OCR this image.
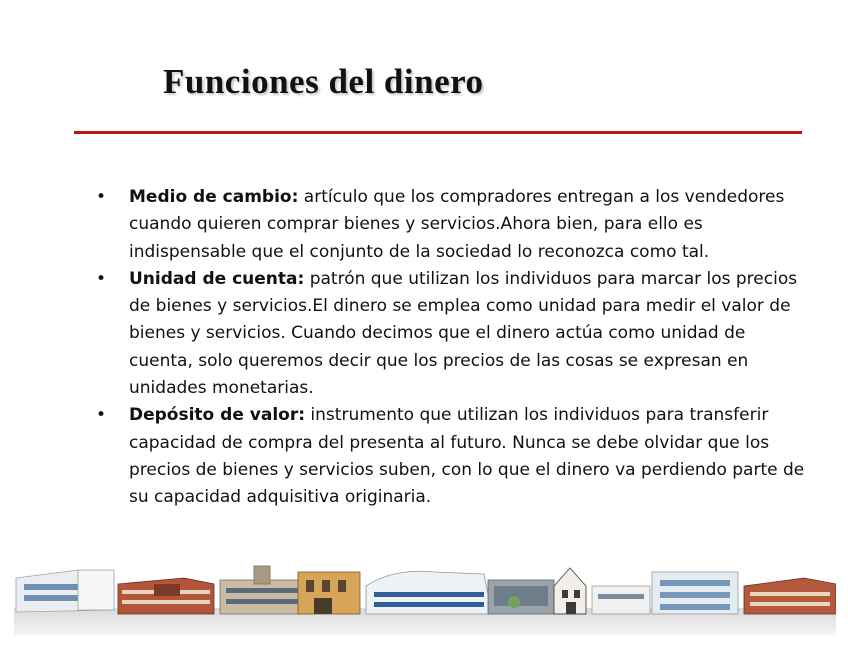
Funciones del dinero
• Medio de cambio: artículo que los compradores entregan a los vendedores cuando quieren comprar bienes y servicios.Ahora bien, para ello es indispensable que el conjunto de la sociedad lo reconozca como tal.
• Unidad de cuenta: patrón que utilizan los individuos para marcar los precios de bienes y servicios.El dinero se emplea como unidad para medir el valor de bienes y servicios. Cuando decimos que el dinero actúa como unidad de cuenta, solo queremos decir que los precios de las cosas se expresan en unidades monetarias.
• Depósito de valor: instrumento que utilizan los individuos para transferir capacidad de compra del presenta al futuro. Nunca se debe olvidar que los precios de bienes y servicios suben, con lo que el dinero va perdiendo parte de su capacidad adquisitiva originaria.
